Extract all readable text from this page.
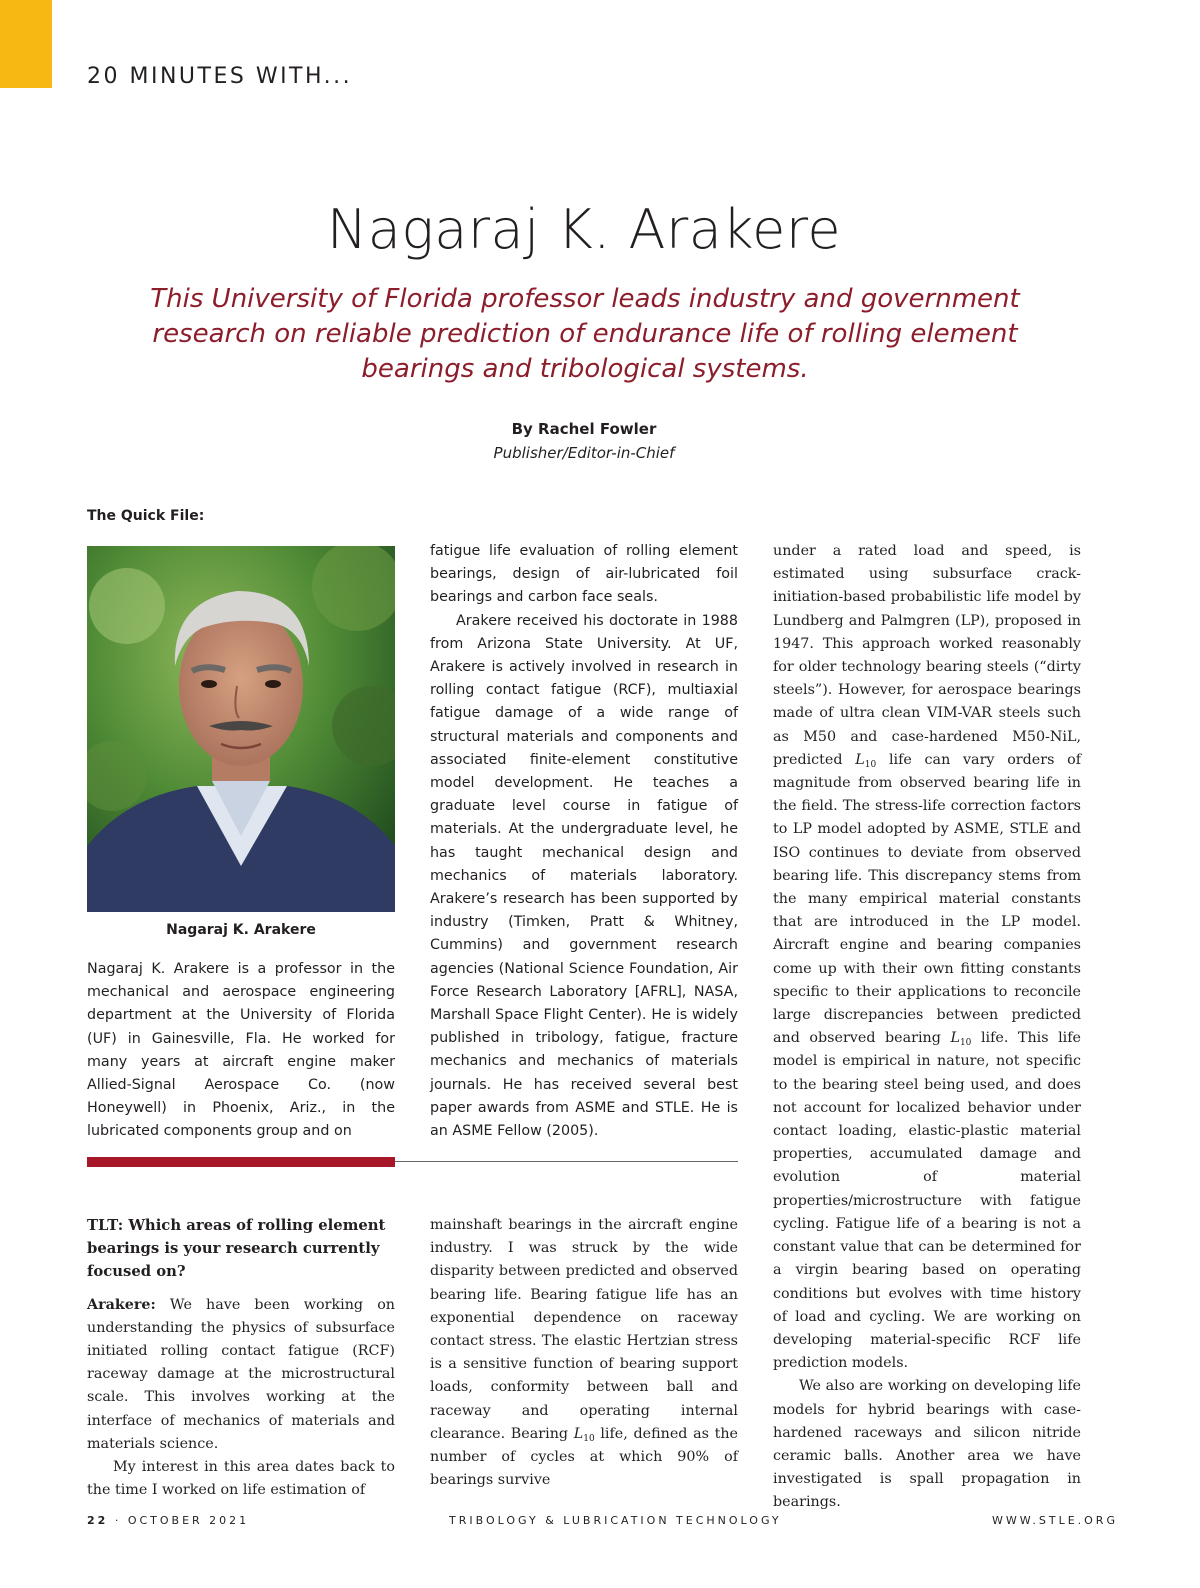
20 MINUTES WITH...
Nagaraj K. Arakere
This University of Florida professor leads industry and government research on reliable prediction of endurance life of rolling element bearings and tribological systems.
By Rachel Fowler
Publisher/Editor-in-Chief
The Quick File:
Nagaraj K. Arakere

Nagaraj K. Arakere is a professor in the mechanical and aerospace engineering department at the University of Florida (UF) in Gainesville, Fla. He worked for many years at aircraft engine maker Allied-Signal Aerospace Co. (now Honeywell) in Phoenix, Ariz., in the lubricated components group and on

fatigue life evaluation of rolling element bearings, design of air-lubricated foil bearings and carbon face seals.

Arakere received his doctorate in 1988 from Arizona State University. At UF, Arakere is actively involved in research in rolling contact fatigue (RCF), multiaxial fatigue damage of a wide range of structural materials and components and associated finite-element constitutive model development. He teaches a graduate level course in fatigue of materials. At the undergraduate level, he has taught mechanical design and mechanics of materials laboratory. Arakere’s research has been supported by industry (Timken, Pratt & Whitney, Cummins) and government research agencies (National Science Foundation, Air Force Research Laboratory [AFRL], NASA, Marshall Space Flight Center). He is widely published in tribology, fatigue, fracture mechanics and mechanics of materials journals. He has received several best paper awards from ASME and STLE. He is an ASME Fellow (2005).

under a rated load and speed, is estimated using subsurface crack-initiation-based probabilistic life model by Lundberg and Palmgren (LP), proposed in 1947. This approach worked reasonably for older technology bearing steels (“dirty steels”). However, for aerospace bearings made of ultra clean VIM-VAR steels such as M50 and case-hardened M50-NiL, predicted $L_{10}$ life can vary orders of magnitude from observed bearing life in the field. The stress-life correction factors to LP model adopted by ASME, STLE and ISO continues to deviate from observed bearing life. This discrepancy stems from the many empirical material constants that are introduced in the LP model. Aircraft engine and bearing companies come up with their own fitting constants specific to their applications to reconcile large discrepancies between predicted and observed bearing $L_{10}$ life. This life model is empirical in nature, not specific to the bearing steel being used, and does not account for localized behavior under contact loading, elastic-plastic material properties, accumulated damage and evolution of material properties/microstructure with fatigue cycling. Fatigue life of a bearing is not a constant value that can be determined for a virgin bearing based on operating conditions but evolves with time history of load and cycling. We are working on developing material-specific RCF life prediction models.

We also are working on developing life models for hybrid bearings with case-hardened raceways and silicon nitride ceramic balls. Another area we have investigated is spall propagation in bearings.

TLT: Which areas of rolling element bearings is your research currently focused on?

Arakere: We have been working on understanding the physics of subsurface initiated rolling contact fatigue (RCF) raceway damage at the microstructural scale. This involves working at the interface of mechanics of materials and materials science.

My interest in this area dates back to the time I worked on life estimation of

mainshaft bearings in the aircraft engine industry. I was struck by the wide disparity between predicted and observed bearing life. Bearing fatigue life has an exponential dependence on raceway contact stress. The elastic Hertzian stress is a sensitive function of bearing support loads, conformity between ball and raceway and operating internal clearance. Bearing $L_{10}$ life, defined as the number of cycles at which 90% of bearings survive

22 · OCTOBER 2021	TRIBOLOGY & LUBRICATION TECHNOLOGY	WWW.STLE.ORG
